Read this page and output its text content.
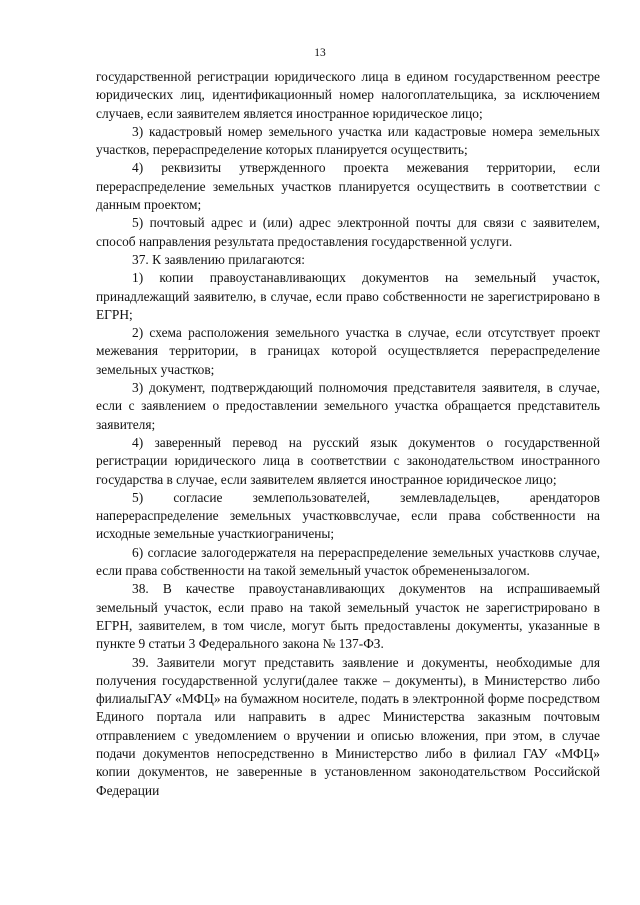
13

государственной регистрации юридического лица в едином государственном реестре юридических лиц, идентификационный номер налогоплательщика, за исключением случаев, если заявителем является иностранное юридическое лицо;

3) кадастровый номер земельного участка или кадастровые номера земельных участков, перераспределение которых планируется осуществить;

4) реквизиты утвержденного проекта межевания территории, если перераспределение земельных участков планируется осуществить в соответствии с данным проектом;

5) почтовый адрес и (или) адрес электронной почты для связи с заявителем, способ направления результата предоставления государственной услуги.

37. К заявлению прилагаются:

1) копии правоустанавливающих документов на земельный участок, принадлежащий заявителю, в случае, если право собственности не зарегистрировано в ЕГРН;

2) схема расположения земельного участка в случае, если отсутствует проект межевания территории, в границах которой осуществляется перераспределение земельных участков;

3) документ, подтверждающий полномочия представителя заявителя, в случае, если с заявлением о предоставлении земельного участка обращается представитель заявителя;

4) заверенный перевод на русский язык документов о государственной регистрации юридического лица в соответствии с законодательством иностранного государства в случае, если заявителем является иностранное юридическое лицо;

5) согласие землепользователей, землевладельцев, арендаторов наперераспределение земельных участковвслучае, если права собственности на исходные земельные участкиограничены;

6) согласие залогодержателя на перераспределение земельных участковв случае, если права собственности на такой земельный участок обремененызалогом.

38. В качестве правоустанавливающих документов на испрашиваемый земельный участок, если право на такой земельный участок не зарегистрировано в ЕГРН, заявителем, в том числе, могут быть предоставлены документы, указанные в пункте 9 статьи 3 Федерального закона № 137-ФЗ.

39. Заявители могут представить заявление и документы, необходимые для получения государственной услуги(далее также – документы), в Министерство либо филиалыГАУ «МФЦ» на бумажном носителе, подать в электронной форме посредством Единого портала или направить в адрес Министерства заказным почтовым отправлением с уведомлением о вручении и описью вложения, при этом, в случае подачи документов непосредственно в Министерство либо в филиал ГАУ «МФЦ» копии документов, не заверенные в установленном законодательством Российской Федерации
